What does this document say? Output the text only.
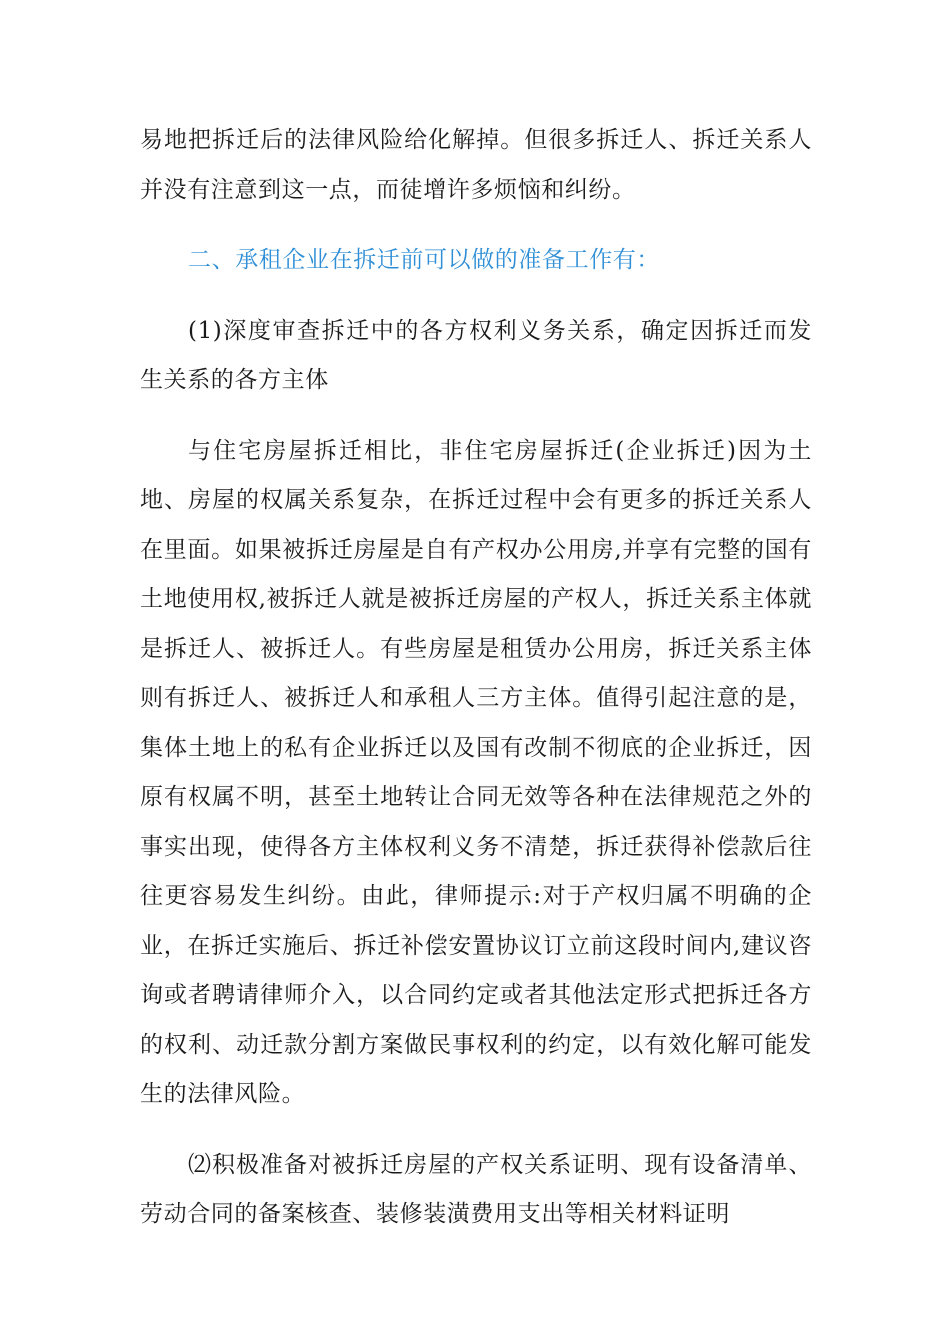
易地把拆迁后的法律风险给化解掉。但很多拆迁人、拆迁关系人并没有注意到这一点，而徒增许多烦恼和纠纷。

二、承租企业在拆迁前可以做的准备工作有：

(1)深度审查拆迁中的各方权利义务关系，确定因拆迁而发生关系的各方主体

与住宅房屋拆迁相比，非住宅房屋拆迁(企业拆迁)因为土地、房屋的权属关系复杂，在拆迁过程中会有更多的拆迁关系人在里面。如果被拆迁房屋是自有产权办公用房,并享有完整的国有土地使用权,被拆迁人就是被拆迁房屋的产权人，拆迁关系主体就是拆迁人、被拆迁人。有些房屋是租赁办公用房，拆迁关系主体则有拆迁人、被拆迁人和承租人三方主体。值得引起注意的是，集体土地上的私有企业拆迁以及国有改制不彻底的企业拆迁，因原有权属不明，甚至土地转让合同无效等各种在法律规范之外的事实出现，使得各方主体权利义务不清楚，拆迁获得补偿款后往往更容易发生纠纷。由此，律师提示:对于产权归属不明确的企业，在拆迁实施后、拆迁补偿安置协议订立前这段时间内,建议咨询或者聘请律师介入，以合同约定或者其他法定形式把拆迁各方的权利、动迁款分割方案做民事权利的约定，以有效化解可能发生的法律风险。

⑵积极准备对被拆迁房屋的产权关系证明、现有设备清单、劳动合同的备案核查、装修装潢费用支出等相关材料证明
